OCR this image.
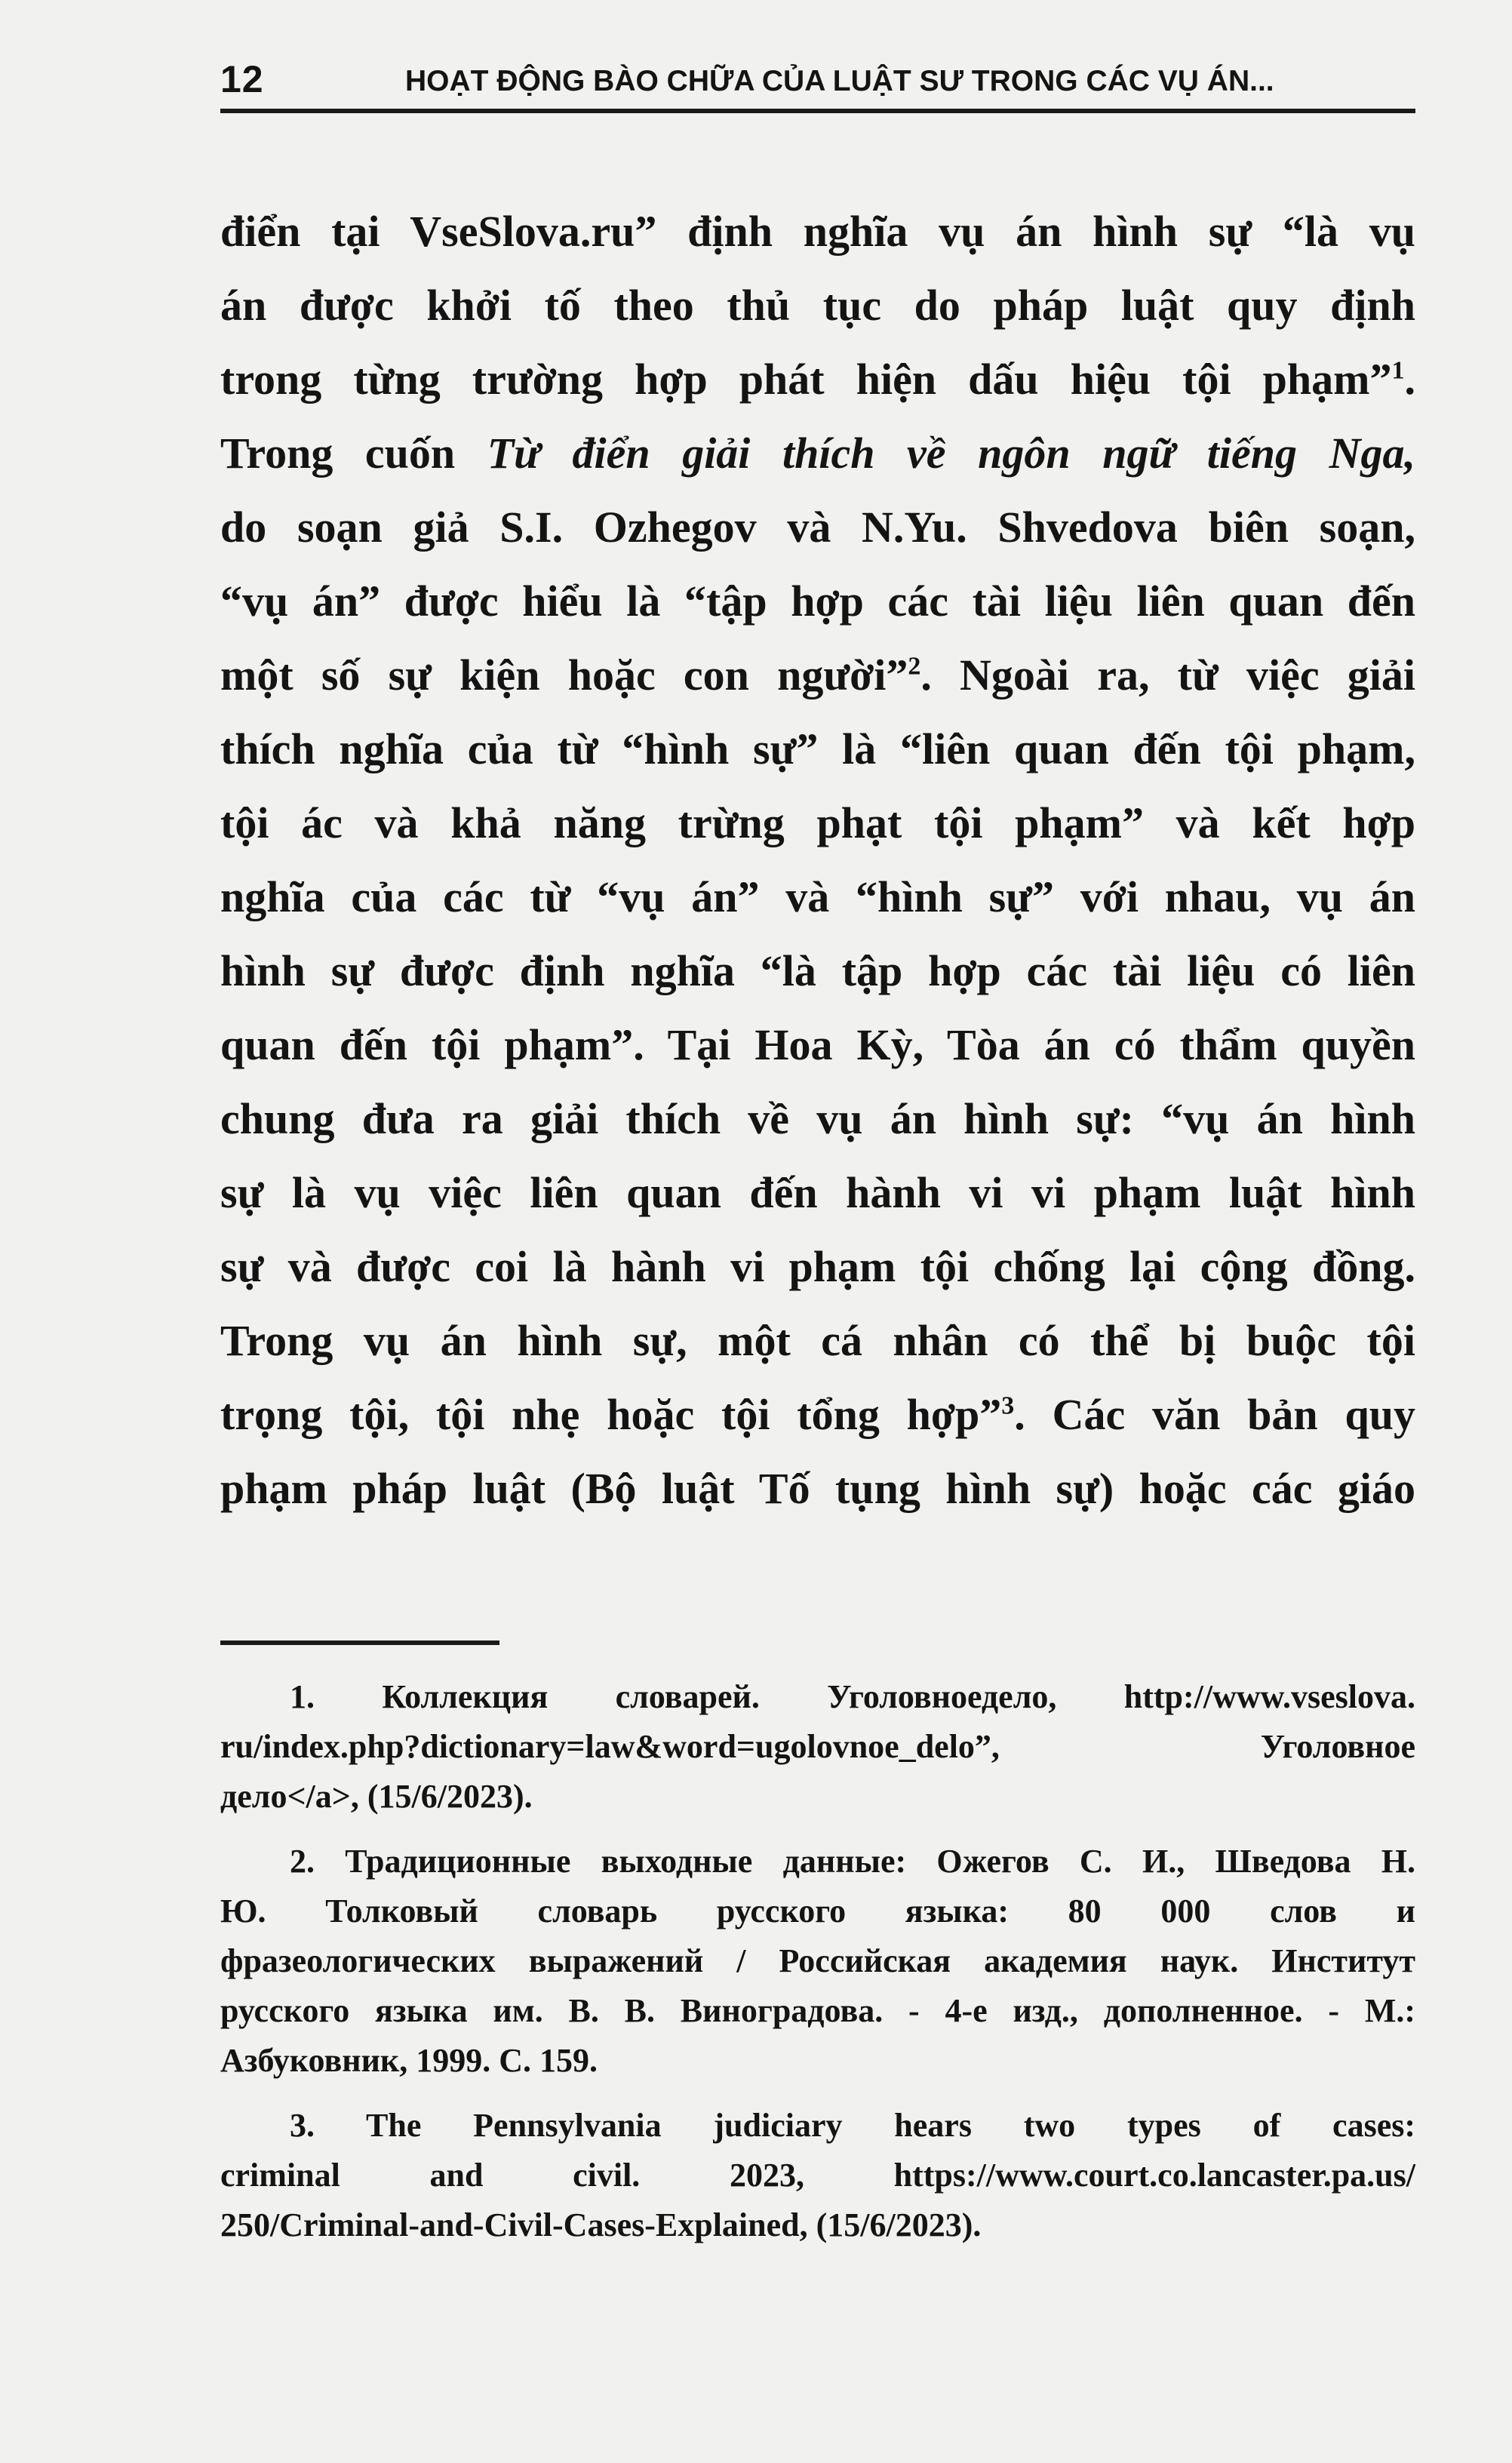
12	HOẠT ĐỘNG BÀO CHỮA CỦA LUẬT SƯ TRONG CÁC VỤ ÁN...
điển tại VseSlova.ru” định nghĩa vụ án hình sự “là vụ
án được khởi tố theo thủ tục do pháp luật quy định
trong từng trường hợp phát hiện dấu hiệu tội phạm”$^1$.
Trong cuốn Từ điển giải thích về ngôn ngữ tiếng Nga,
do soạn giả S.I. Ozhegov và N.Yu. Shvedova biên soạn,
“vụ án” được hiểu là “tập hợp các tài liệu liên quan đến
một số sự kiện hoặc con người”$^2$. Ngoài ra, từ việc giải
thích nghĩa của từ “hình sự” là “liên quan đến tội phạm,
tội ác và khả năng trừng phạt tội phạm” và kết hợp
nghĩa của các từ “vụ án” và “hình sự” với nhau, vụ án
hình sự được định nghĩa “là tập hợp các tài liệu có liên
quan đến tội phạm”. Tại Hoa Kỳ, Tòa án có thẩm quyền
chung đưa ra giải thích về vụ án hình sự: “vụ án hình
sự là vụ việc liên quan đến hành vi vi phạm luật hình
sự và được coi là hành vi phạm tội chống lại cộng đồng.
Trong vụ án hình sự, một cá nhân có thể bị buộc tội
trọng tội, tội nhẹ hoặc tội tổng hợp”$^3$. Các văn bản quy
phạm pháp luật (Bộ luật Tố tụng hình sự) hoặc các giáo
1. Коллекция словарей. Уголовноедело, http://www.vseslova.
ru/index.php?dictionary=law&word=ugolovnoe_delo”, Уголовное
дело</a>, (15/6/2023).
2. Традиционные выходные данные: Ожегов С. И., Шведова Н.
Ю. Толковый словарь русского языка: 80 000 слов и
фразеологических выражений / Российская академия наук. Институт
русского языка им. В. В. Виноградова. - 4-е изд., дополненное. - М.:
Азбуковник, 1999. С. 159.
3. The Pennsylvania judiciary hears two types of cases:
criminal and civil. 2023, https://www.court.co.lancaster.pa.us/
250/Criminal-and-Civil-Cases-Explained, (15/6/2023).
